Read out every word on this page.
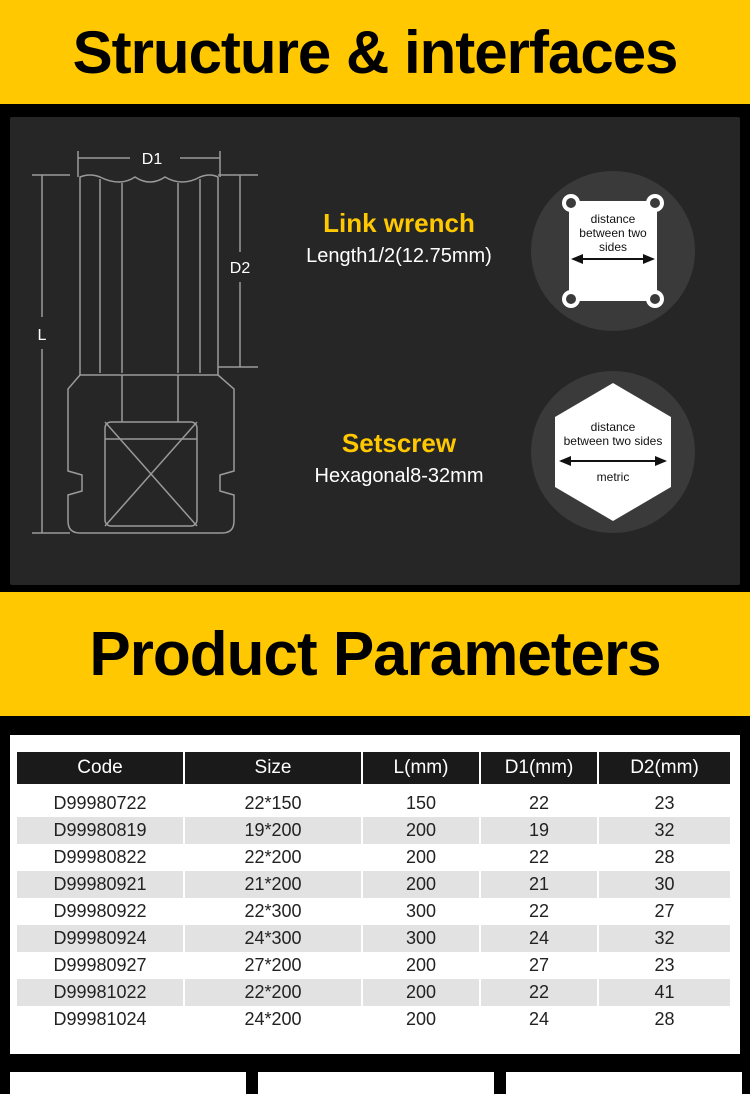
Structure & interfaces
D1
D2
L
Link wrench
Length1/2(12.75mm)
Setscrew
Hexagonal8-32mm
distance
between two
sides
distance
between two sides
metric
Product Parameters
Code	Size	L(mm)	D1(mm)	D2(mm)

D99980722	22*150	150	22	23
D99980819	19*200	200	19	32
D99980822	22*200	200	22	28
D99980921	21*200	200	21	30
D99980922	22*300	300	22	27
D99980924	24*300	300	24	32
D99980927	27*200	200	27	23
D99981022	22*200	200	22	41
D99981024	24*200	200	24	28
